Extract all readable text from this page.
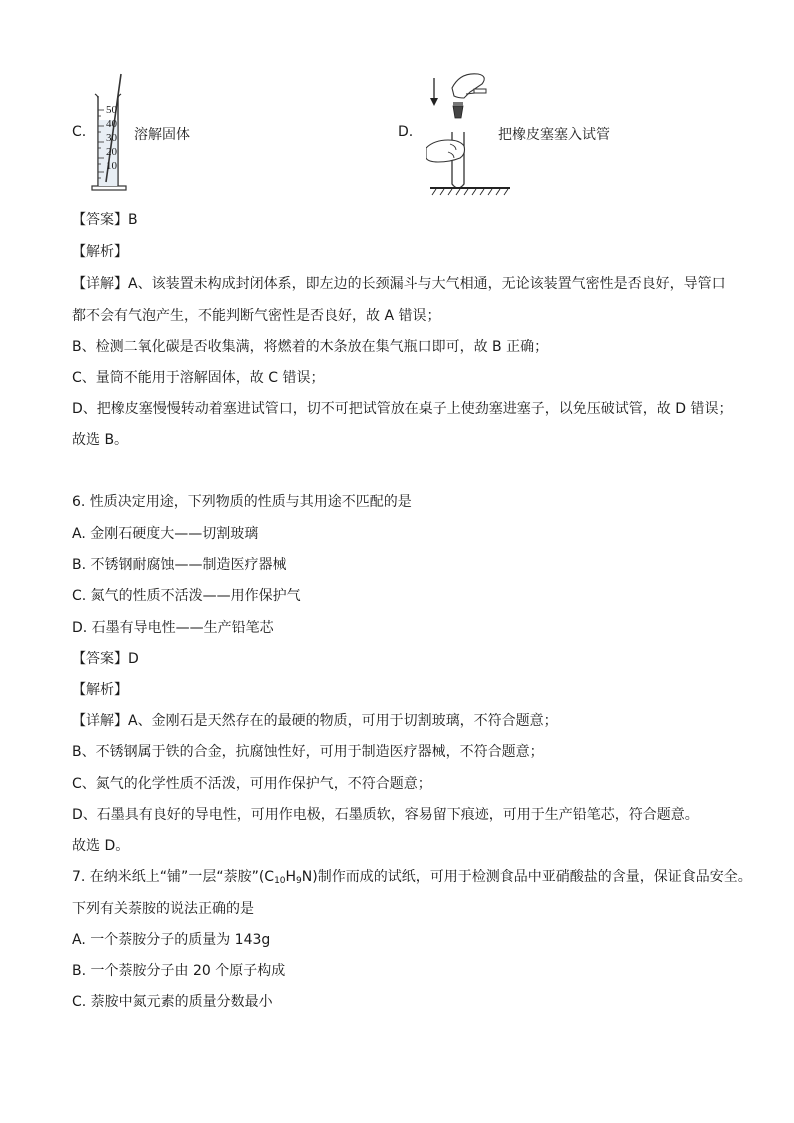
C.
50
40
30
20
10
溶解固体	D.	把橡皮塞塞入试管
【答案】B
【解析】
【详解】A、该装置未构成封闭体系，即左边的长颈漏斗与大气相通，无论该装置气密性是否良好，导管口
都不会有气泡产生，不能判断气密性是否良好，故 A 错误；
B、检测二氧化碳是否收集满，将燃着的木条放在集气瓶口即可，故 B 正确；
C、量筒不能用于溶解固体，故 C 错误；
D、把橡皮塞慢慢转动着塞进试管口，切不可把试管放在桌子上使劲塞进塞子，以免压破试管，故 D 错误；
故选 B。
6. 性质决定用途，下列物质的性质与其用途不匹配的是
A. 金刚石硬度大——切割玻璃
B. 不锈钢耐腐蚀——制造医疗器械
C. 氮气的性质不活泼——用作保护气
D. 石墨有导电性——生产铅笔芯
【答案】D
【解析】
【详解】A、金刚石是天然存在的最硬的物质，可用于切割玻璃，不符合题意；
B、不锈钢属于铁的合金，抗腐蚀性好，可用于制造医疗器械，不符合题意；
C、氮气的化学性质不活泼，可用作保护气，不符合题意；
D、石墨具有良好的导电性，可用作电极，石墨质软，容易留下痕迹，可用于生产铅笔芯，符合题意。
故选 D。
7. 在纳米纸上“铺”一层“萘胺$”(C_{10}H_9N)$制作而成的试纸，可用于检测食品中亚硝酸盐的含量，保证食品安全。
下列有关萘胺的说法正确的是
A. 一个萘胺分子的质量为 143g
B. 一个萘胺分子由 20 个原子构成
C. 萘胺中氮元素的质量分数最小
